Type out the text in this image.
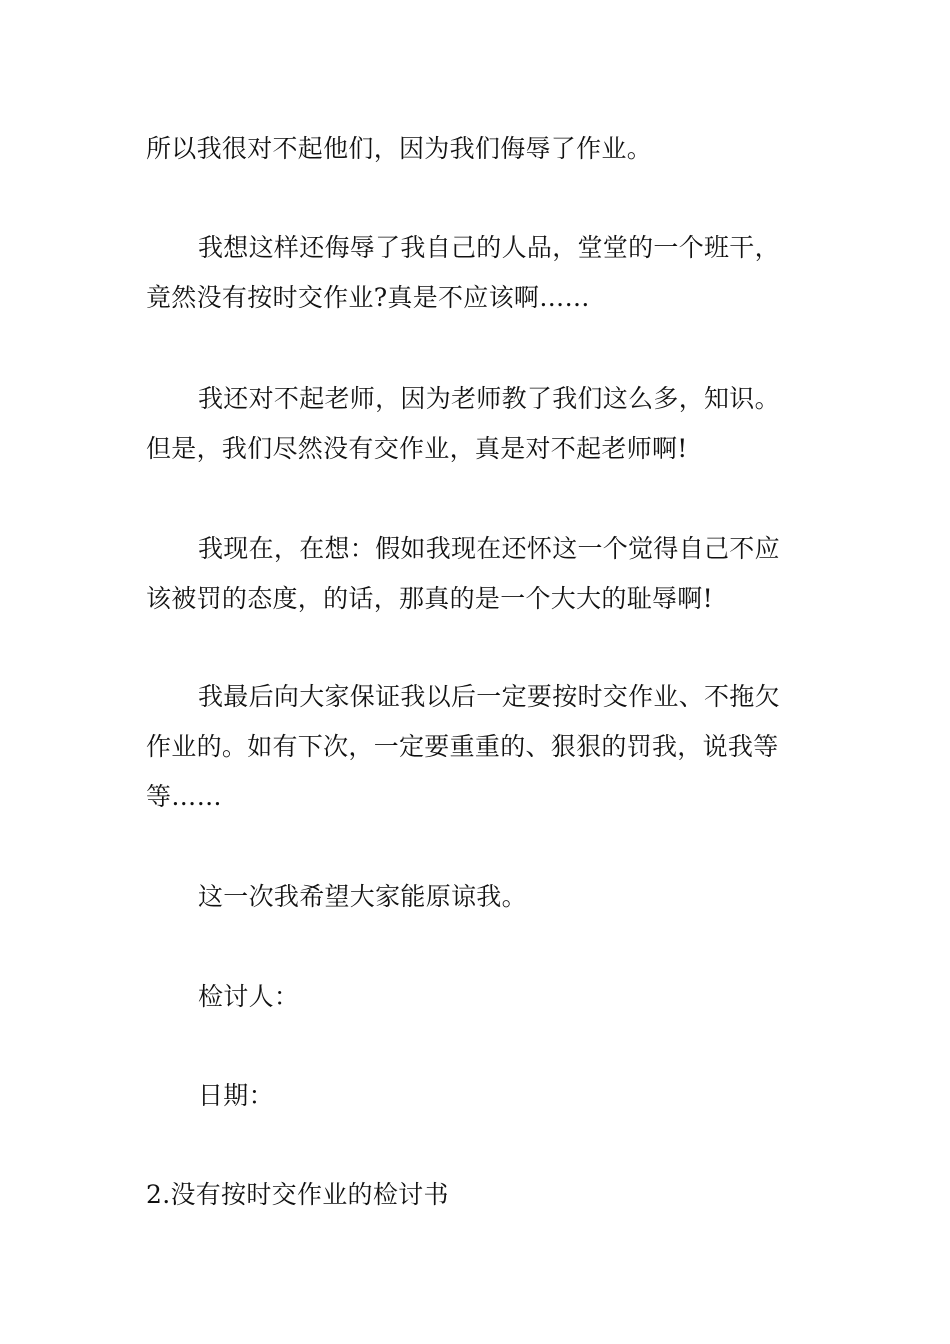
所以我很对不起他们，因为我们侮辱了作业。

我想这样还侮辱了我自己的人品，堂堂的一个班干，
竟然没有按时交作业?真是不应该啊……

我还对不起老师，因为老师教了我们这么多，知识。
但是，我们尽然没有交作业，真是对不起老师啊!

我现在，在想：假如我现在还怀这一个觉得自己不应
该被罚的态度，的话，那真的是一个大大的耻辱啊!

我最后向大家保证我以后一定要按时交作业、不拖欠
作业的。如有下次，一定要重重的、狠狠的罚我，说我等
等……

这一次我希望大家能原谅我。

检讨人：

日期：

2.没有按时交作业的检讨书
